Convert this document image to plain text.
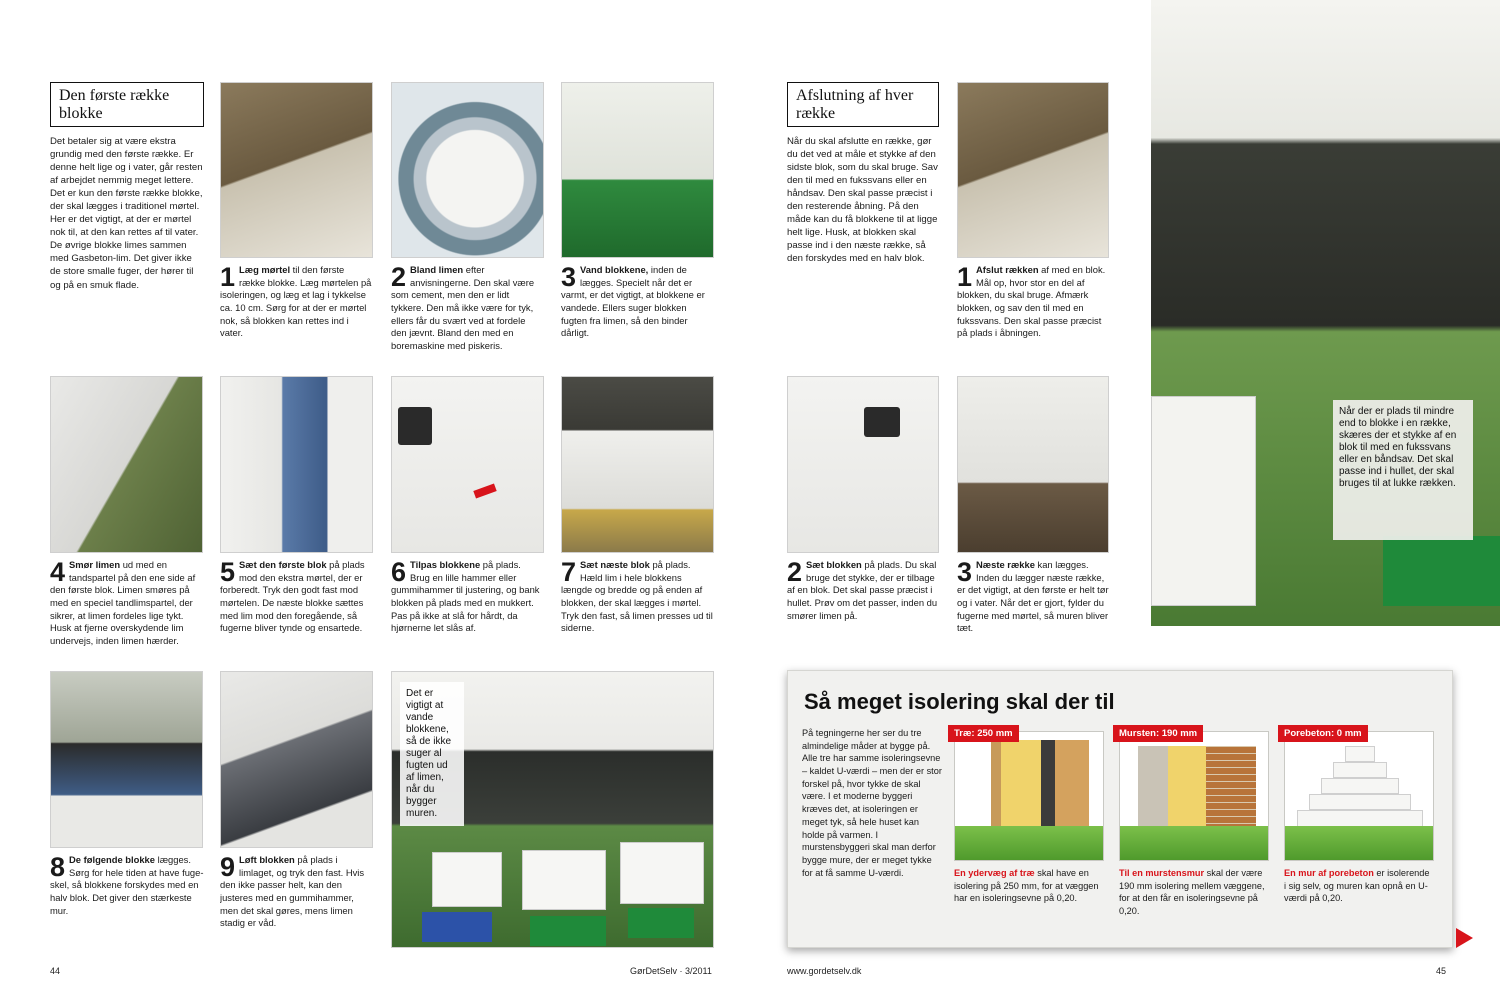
Den første række blokke
Det betaler sig at være ekstra grundig med den første række. Er denne helt lige og i vater, går resten af arbejdet nemmig meget lettere. Det er kun den første række blokke, der skal lægges i traditionel mørtel. Her er det vigtigt, at der er mørtel nok til, at den kan rettes af til vater. De øvrige blokke limes sammen med Gasbeton-lim. Det giver ikke de store smalle fuger, der hører til og på en smuk flade.	1 Læg mørtel til den første række blokke. Læg mørtelen på isoleringen, og læg et lag i tykkelse ca. 10 cm. Sørg for at der er mørtel nok, så blokken kan rettes ind i vater.
2 Bland limen efter anvisningerne. Den skal være som cement, men den er lidt tykkere. Den må ikke være for tyk, ellers får du svært ved at fordele den jævnt. Bland den med en boremaskine med piskeris.
3 Vand blokkene, inden de lægges. Specielt når det er varmt, er det vigtigt, at blokkene er vandede. Ellers suger blokken fugten fra limen, så den binder dårligt.
4 Smør limen ud med en tandspartel på den ene side af den første blok. Limen smøres på med en speciel tandlimspartel, der sikrer, at limen fordeles lige tykt. Husk at fjerne overskydende lim undervejs, inden limen hærder.
5 Sæt den første blok på plads mod den ekstra mørtel, der er forberedt. Tryk den godt fast mod mørtelen. De næste blokke sættes med lim mod den foregående, så fugerne bliver tynde og ensartede.
6 Tilpas blokkene på plads. Brug en lille hammer eller gummihammer til justering, og bank blokken på plads med en mukkert. Pas på ikke at slå for hårdt, da hjørnerne let slås af.
7 Sæt næste blok på plads. Hæld lim i hele blokkens længde og bredde og på enden af blokken, der skal lægges i mørtel. Tryk den fast, så limen presses ud til siderne.
Det er vigtigt at vande blokkene, så de ikke suger al fugten ud af limen, når du bygger muren.
8 De følgende blokke lægges. Sørg for hele tiden at have fuge-skel, så blokkene forskydes med en halv blok. Det giver den stærkeste mur.
9 Løft blokken på plads i limlaget, og tryk den fast. Hvis den ikke passer helt, kan den justeres med en gummihammer, men det skal gøres, mens limen stadig er våd.
44	GørDetSelv · 3/2011
Afslutning af hver række
Når du skal afslutte en række, gør du det ved at måle et stykke af den sidste blok, som du skal bruge. Sav den til med en fukssvans eller en håndsav. Den skal passe præcist i den resterende åbning. På den måde kan du få blokkene til at ligge helt lige. Husk, at blokken skal passe ind i den næste række, så den forskydes med en halv blok.
1 Afslut rækken af med en blok. Mål op, hvor stor en del af blokken, du skal bruge. Afmærk blokken, og sav den til med en fukssvans. Den skal passe præcist på plads i åbningen.
2 Sæt blokken på plads. Du skal bruge det stykke, der er tilbage af en blok. Det skal passe præcist i hullet. Prøv om det passer, inden du smører limen på.
3 Næste række kan lægges. Inden du lægger næste række, er det vigtigt, at den første er helt tør og i vater. Når det er gjort, fylder du fugerne med mørtel, så muren bliver tæt.
Når der er plads til mindre end to blokke i en række, skæres der et stykke af en blok til med en fukssvans eller en båndsav. Det skal passe ind i hullet, der skal bruges til at lukke rækken.
www.gordetselv.dk	45
Så meget isolering skal der til
På tegningerne her ser du tre almindelige måder at bygge på. Alle tre har samme isoleringsevne – kaldet U-værdi – men der er stor forskel på, hvor tykke de skal være. I et moderne byggeri kræves det, at isoleringen er meget tyk, så hele huset kan holde på varmen. I murstensbyggeri skal man derfor bygge mure, der er meget tykke for at få samme U-værdi.
Træ: 250 mm
En ydervæg af træ skal have en isolering på 250 mm, for at væggen har en isoleringsevne på 0,20.
Mursten: 190 mm
Til en murstensmur skal der være 190 mm isolering mellem væggene, for at den får en isoleringsevne på 0,20.
Porebeton: 0 mm
En mur af porebeton er isolerende i sig selv, og muren kan opnå en U-værdi på 0,20.
